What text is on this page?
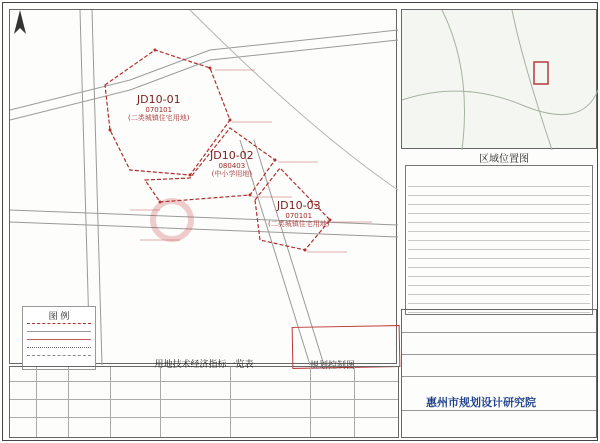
JD10-01
070101
(二类城镇住宅用地)
JD10-02
080403
(中小学用地)
JD10-03
070101
(二类城镇住宅用地)
图 例
规划控制图
用地技术经济指标一览表
区域位置图
惠州市规划设计研究院
